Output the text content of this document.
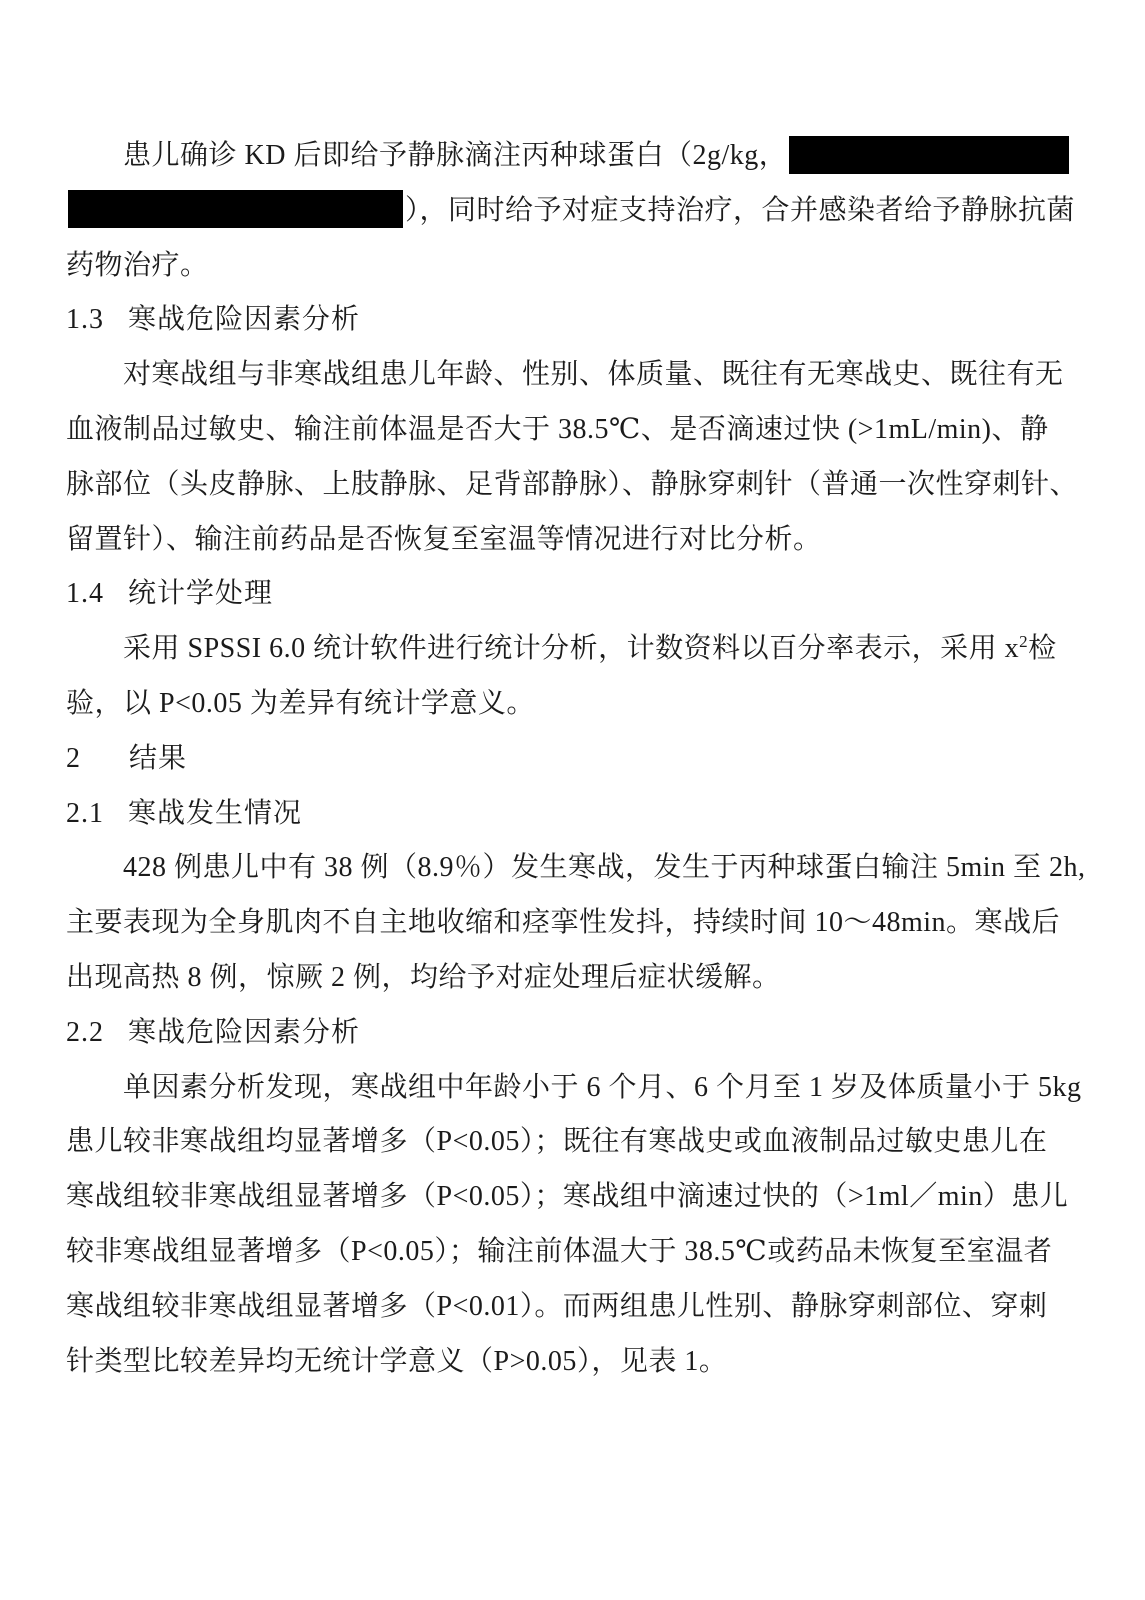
患儿确诊 KD 后即给予静脉滴注丙种球蛋白（2g/kg，
），同时给予对症支持治疗，合并感染者给予静脉抗菌
药物治疗。
1.3   寒战危险因素分析
对寒战组与非寒战组患儿年龄、性别、体质量、既往有无寒战史、既往有无
血液制品过敏史、输注前体温是否大于 38.5℃、是否滴速过快 (>1mL/min)、静
脉部位（头皮静脉、上肢静脉、足背部静脉）、静脉穿刺针（普通一次性穿刺针、
留置针）、输注前药品是否恢复至室温等情况进行对比分析。
1.4   统计学处理
采用 SPSSI 6.0 统计软件进行统计分析，计数资料以百分率表示，采用 x2检
验，以 P<0.05 为差异有统计学意义。
2      结果
2.1   寒战发生情况
428 例患儿中有 38 例（8.9％）发生寒战，发生于丙种球蛋白输注 5min 至 2h,
主要表现为全身肌肉不自主地收缩和痉挛性发抖，持续时间 10～48min。寒战后
出现高热 8 例，惊厥 2 例，均给予对症处理后症状缓解。
2.2   寒战危险因素分析
单因素分析发现，寒战组中年龄小于 6 个月、6 个月至 1 岁及体质量小于 5kg
患儿较非寒战组均显著增多（P<0.05）；既往有寒战史或血液制品过敏史患儿在
寒战组较非寒战组显著增多（P<0.05）；寒战组中滴速过快的（>1ml／min）患儿
较非寒战组显著增多（P<0.05）；输注前体温大于 38.5℃或药品未恢复至室温者
寒战组较非寒战组显著增多（P<0.01）。而两组患儿性别、静脉穿刺部位、穿刺
针类型比较差异均无统计学意义（P>0.05），见表 1。
